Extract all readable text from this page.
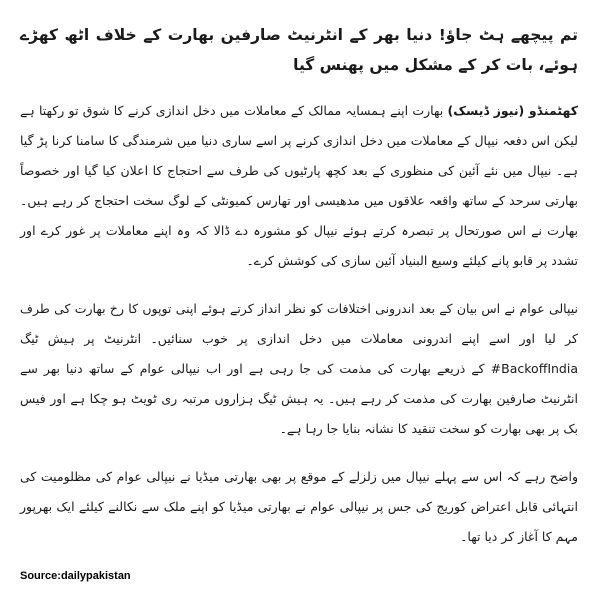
تم پیچھے ہٹ جاؤ! دنیا بھر کے انٹرنیٹ صارفین بھارت کے خلاف اٹھ کھڑے ہوئے، بات کر کے مشکل میں پھنس گیا

کھٹمنڈو (نیوز ڈیسک) بھارت اپنے ہمسایہ ممالک کے معاملات میں دخل اندازی کرنے کا شوق تو رکھتا ہے لیکن اس دفعہ نیپال کے معاملات میں دخل اندازی کرنے پر اسے ساری دنیا میں شرمندگی کا سامنا کرنا پڑ گیا ہے۔ نیپال میں نئے آئین کی منظوری کے بعد کچھ پارٹیوں کی طرف سے احتجاج کا اعلان کیا گیا اور خصوصاً بھارتی سرحد کے ساتھ واقعہ علاقوں میں مدھیسی اور تھارس کمیونٹی کے لوگ سخت احتجاج کر رہے ہیں۔ بھارت نے اس صورتحال پر تبصرہ کرتے ہوئے نیپال کو مشورہ دے ڈالا کہ وہ اپنے معاملات پر غور کرے اور تشدد پر قابو پانے کیلئے وسیع البنیاد آئین سازی کی کوشش کرے۔

نیپالی عوام نے اس بیان کے بعد اندرونی اختلافات کو نظر انداز کرتے ہوئے اپنی توپوں کا رخ بھارت کی طرف کر لیا اور اسے اپنے اندرونی معاملات میں دخل اندازی پر خوب سنائیں۔ انٹرنیٹ پر ہیش ٹیگ BackoffIndia# کے ذریعے بھارت کی مذمت کی جا رہی ہے اور اب نیپالی عوام کے ساتھ دنیا بھر سے انٹرنیٹ صارفین بھارت کی مذمت کر رہے ہیں۔ یہ ہیش ٹیگ ہزاروں مرتبہ ری ٹویٹ ہو چکا ہے اور فیس بک پر بھی بھارت کو سخت تنقید کا نشانہ بنایا جا رہا ہے۔

واضح رہے کہ اس سے پہلے نیپال میں زلزلے کے موقع پر بھی بھارتی میڈیا نے نیپالی عوام کی مظلومیت کی انتہائی قابل اعتراض کوریج کی جس پر نیپالی عوام نے بھارتی میڈیا کو اپنے ملک سے نکالنے کیلئے ایک بھرپور مہم کا آغاز کر دیا تھا۔

Source:dailypakistan
